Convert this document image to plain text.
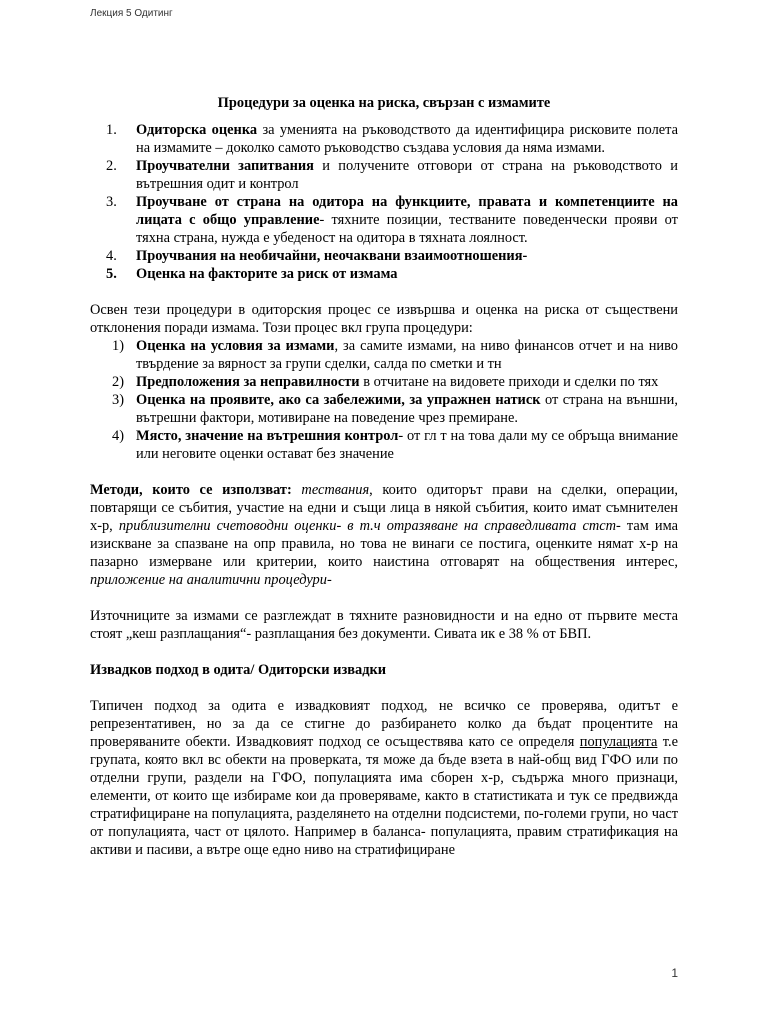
Лекция 5 Одитинг
Процедури за оценка на риска, свързан с измамите
1.	Одиторска оценка за уменията на ръководството да идентифицира рисковите полета на измамите – доколко самото ръководство създава условия да няма измами.
2.	Проучвателни запитвания и получените отговори от страна на ръководството и вътрешния одит и контрол
3.	Проучване от страна на одитора на функциите, правата и компетенциите на лицата с общо управление- тяхните позиции, тестваните поведенчески прояви от тяхна страна, нужда е убеденост на одитора в тяхната лоялност.
4.	Проучвания на необичайни, неочаквани взаимоотношения-
5.	Оценка на факторите за риск от измама

Освен тези процедури в одиторския процес се извършва и оценка на риска от съществени отклонения поради измама. Този процес вкл група процедури:

1) Оценка на условия за измами, за самите измами, на ниво финансов отчет и на ниво твърдение за вярност за групи сделки, салда по сметки и тн
2) Предположения за неправилности в отчитане на видовете приходи и сделки по тях
3) Оценка на проявите, ако са забележими, за упражнен натиск от страна на външни, вътрешни фактори, мотивиране на поведение чрез премиране.
4) Място, значение на вътрешния контрол- от гл т на това дали му се обръща внимание или неговите оценки остават без значение

Методи, които се използват: тествания, които одиторът прави на сделки, операции, повтарящи се събития, участие на едни и същи лица в някой събития, които имат съмнителен х-р, приблизителни счетоводни оценки- в т.ч отразяване на справедливата стст- там има изискване за спазване на опр правила, но това не винаги се постига, оценките нямат х-р на пазарно измерване или критерии, които наистина отговарят на обществения интерес, приложение на аналитични процедури-

Източниците за измами се разглеждат в тяхните разновидности и на едно от първите места стоят „кеш разплащания“- разплащания без документи. Сивата ик е 38 % от БВП.

Извадков подход в одита/ Одиторски извадки

Типичен подход за одита е извадковият подход, не всичко се проверява, одитът е репрезентативен, но за да се стигне до разбирането колко да бъдат процентите на проверяваните обекти. Извадковият подход се осъществява като се определя популацията т.е групата, която вкл вс обекти на проверката, тя може да бъде взета в най-общ вид ГФО или по отделни групи, раздели на ГФО, популацията има сборен х-р, съдържа много признаци, елементи, от които ще избираме кои да проверяваме, както в статистиката и тук се предвижда стратифициране на популацията, разделянето на отделни подсистеми, по-големи групи, но част от популацията, част от цялото. Например в баланса- популацията, правим стратификация на активи и пасиви, а вътре още едно ниво на стратифициране

1
